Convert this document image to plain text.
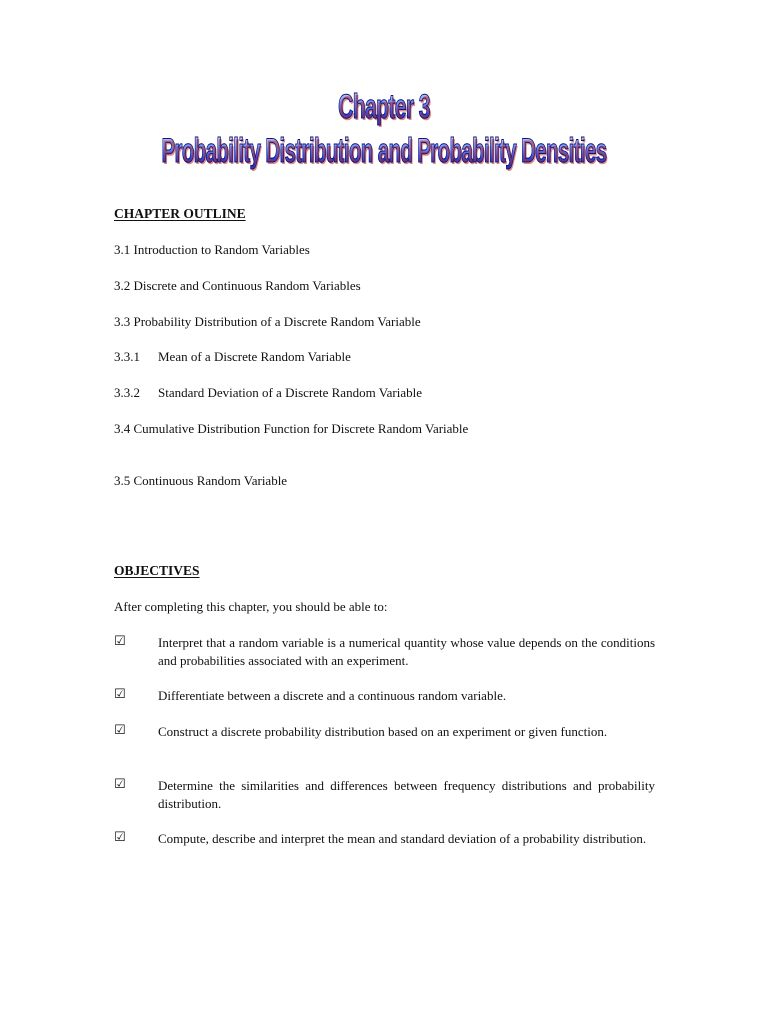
Chapter 3
Probability Distribution and Probability Densities
CHAPTER OUTLINE
3.1 Introduction to Random Variables
3.2 Discrete and Continuous Random Variables
3.3 Probability Distribution of a Discrete Random Variable
3.3.1 Mean of a Discrete Random Variable
3.3.2 Standard Deviation of a Discrete Random Variable
3.4 Cumulative Distribution Function for Discrete Random Variable
3.5 Continuous Random Variable
OBJECTIVES
After completing this chapter, you should be able to:
☑ Interpret that a random variable is a numerical quantity whose value depends on the conditions and probabilities associated with an experiment.
☑ Differentiate between a discrete and a continuous random variable.
☑ Construct a discrete probability distribution based on an experiment or given function.
☑ Determine the similarities and differences between frequency distributions and probability distribution.
☑ Compute, describe and interpret the mean and standard deviation of a probability distribution.
